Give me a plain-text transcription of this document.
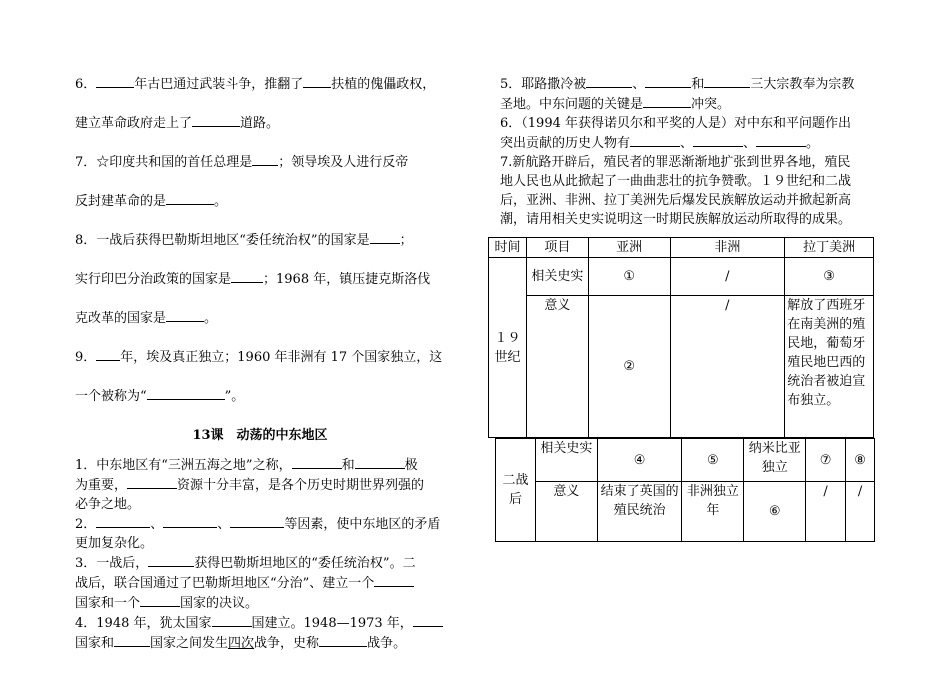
6．	年古巴通过武装斗争，推翻了 扶植的傀儡政权，

建立革命政府走上了	道路。

7．☆印度共和国的首任总理是 ；领导埃及人进行反帝

反封建革命的是	。

8．一战后获得巴勒斯坦地区“委任统治权”的国家是 ；

实行印巴分治政策的国家是 ；1968 年，镇压捷克斯洛伐

克改革的国家是	。

9． 年，埃及真正独立；1960 年非洲有 17 个国家独立，这

一个被称为“	”。

13课　动荡的中东地区

1．中东地区有“三洲五海之地”之称，	和	极
为重要，	资源十分丰富，是各个历史时期世界列强的
必争之地。

2．	、	、	等因素，使中东地区的矛盾
更加复杂化。

3．一战后，	获得巴勒斯坦地区的“委任统治权”。二
战后，联合国通过了巴勒斯坦地区“分治”、建立一个
国家和一个	国家的决议。

4．1948 年，犹太国家	国建立。1948—1973 年，
国家和	国家之间发生四次战争，史称	战争。

5．耶路撒冷被	、	和	三大宗教奉为宗教
圣地。中东问题的关键是	冲突。

6．（1994 年获得诺贝尔和平奖的人是）对中东和平问题作出
突出贡献的历史人物有	、	、	。

7.新航路开辟后，殖民者的罪恶渐渐地扩张到世界各地，殖民
地人民也从此掀起了一曲曲悲壮的抗争赞歌。１９世纪和二战
后，亚洲、非洲、拉丁美洲先后爆发民族解放运动并掀起新高
潮，请用相关史实说明这一时期民族解放运动所取得的成果。

时间	项目	亚洲	非洲	拉丁美洲
１９世纪	相关史实	①	/	③
	意义	②	/	解放了西班牙在南美洲的殖民地，葡萄牙殖民地巴西的统治者被迫宣布独立。
二战后	相关史实	④	⑤	纳米比亚独立	⑦	⑧
	意义	结束了英国的殖民统治	非洲独立年	⑥	/	/
